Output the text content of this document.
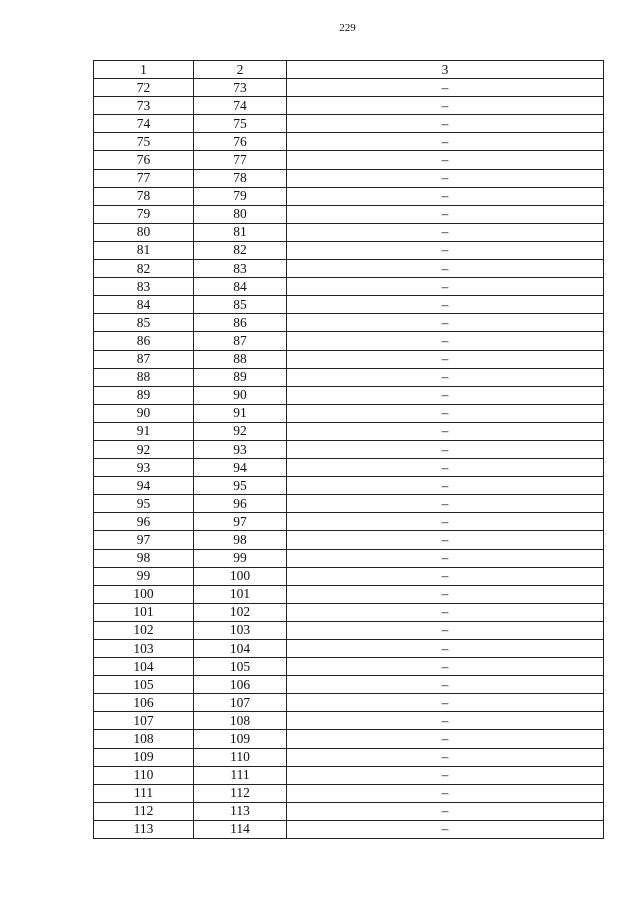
229
1	2	3
72	73	–
73	74	–
74	75	–
75	76	–
76	77	–
77	78	–
78	79	–
79	80	–
80	81	–
81	82	–
82	83	–
83	84	–
84	85	–
85	86	–
86	87	–
87	88	–
88	89	–
89	90	–
90	91	–
91	92	–
92	93	–
93	94	–
94	95	–
95	96	–
96	97	–
97	98	–
98	99	–
99	100	–
100	101	–
101	102	–
102	103	–
103	104	–
104	105	–
105	106	–
106	107	–
107	108	–
108	109	–
109	110	–
110	111	–
111	112	–
112	113	–
113	114	–
